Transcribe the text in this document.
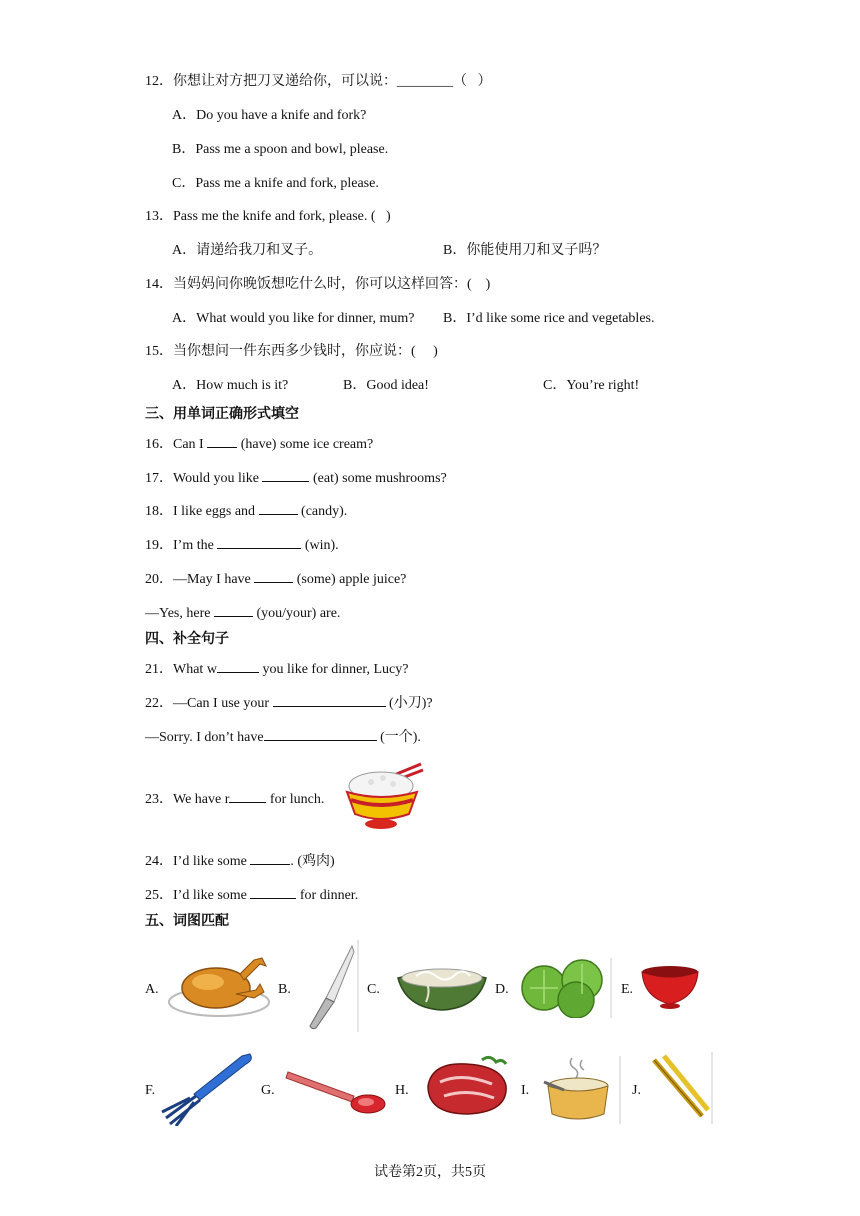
12．你想让对方把刀叉递给你，可以说：________（   ）
A．Do you have a knife and fork?
B．Pass me a spoon and bowl, please.
C．Pass me a knife and fork, please.
13．Pass me the knife and fork, please. (   )
A．请递给我刀和叉子。	B．你能使用刀和叉子吗？
14．当妈妈问你晚饭想吃什么时，你可以这样回答：(    )
A．What would you like for dinner, mum? B．I’d like some rice and vegetables.
15．当你想问一件东西多少钱时，你应说：(     )
A．How much is it?	B．Good idea!	C．You’re right!
三、用单词正确形式填空
16．Can I  (have) some ice cream?
17．Would you like	(eat) some mushrooms?
18．I like eggs and	(candy).
19．I’m the	(win).
20．—May I have	(some) apple juice?
—Yes, here	(you/your) are.
四、补全句子
21．What w	you like for dinner, Lucy?
22．—Can I use your	(小刀)?
—Sorry. I don’t have	(一个).
23．We have r	for lunch.
24．I’d like some	. (鸡肉)
25．I’d like some	for dinner.
五、词图匹配
A.	B.	C.	D.	E.
F.	G.	H.	I.	J.
试卷第2页，共5页
